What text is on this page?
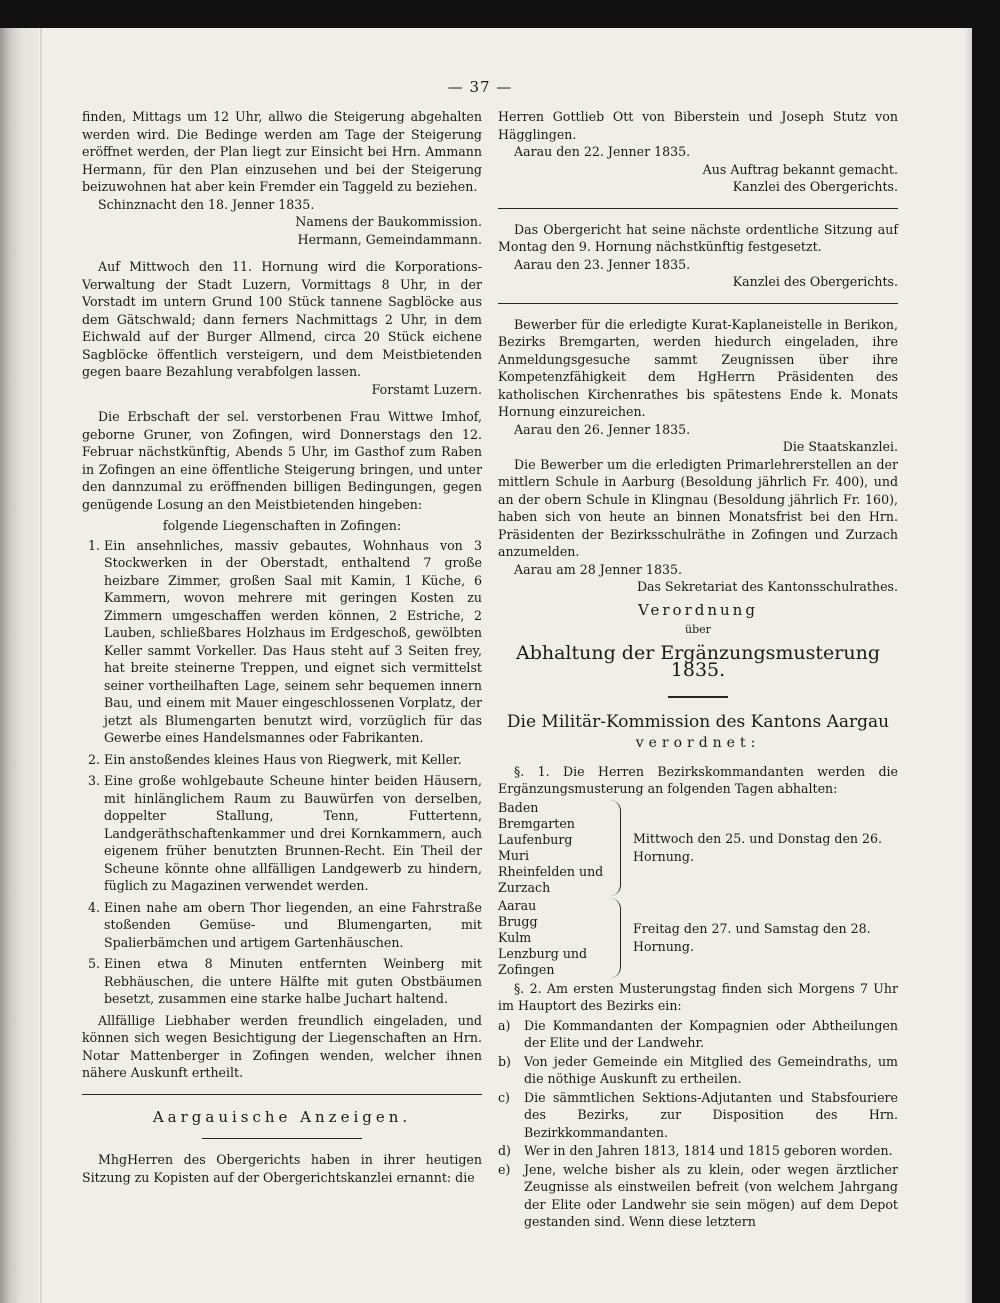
— 37 —

finden, Mittags um 12 Uhr, allwo die Steigerung abgehalten werden wird. Die Bedinge werden am Tage der Steigerung eröffnet werden, der Plan liegt zur Einsicht bei Hrn. Ammann Hermann, für den Plan einzusehen und bei der Steigerung beizuwohnen hat aber kein Fremder ein Taggeld zu beziehen.

Schinznacht den 18. Jenner 1835.

Namens der Baukommission.

Hermann, Gemeindammann.

Auf Mittwoch den 11. Hornung wird die Korporations-Verwaltung der Stadt Luzern, Vormittags 8 Uhr, in der Vorstadt im untern Grund 100 Stück tannene Sagblöcke aus dem Gätschwald; dann ferners Nachmittags 2 Uhr, in dem Eichwald auf der Burger Allmend, circa 20 Stück eichene Sagblöcke öffentlich versteigern, und dem Meistbietenden gegen baare Bezahlung verabfolgen lassen.

Forstamt Luzern.

Die Erbschaft der sel. verstorbenen Frau Wittwe Imhof, geborne Gruner, von Zofingen, wird Donnerstags den 12. Februar nächstkünftig, Abends 5 Uhr, im Gasthof zum Raben in Zofingen an eine öffentliche Steigerung bringen, und unter den dannzumal zu eröffnenden billigen Bedingungen, gegen genügende Losung an den Meistbietenden hingeben:

folgende Liegenschaften in Zofingen:

1. Ein ansehnliches, massiv gebautes, Wohnhaus von 3 Stockwerken in der Oberstadt, enthaltend 7 große heizbare Zimmer, großen Saal mit Kamin, 1 Küche, 6 Kammern, wovon mehrere mit geringen Kosten zu Zimmern umgeschaffen werden können, 2 Estriche, 2 Lauben, schließbares Holzhaus im Erdgeschoß, gewölbten Keller sammt Vorkeller. Das Haus steht auf 3 Seiten frey, hat breite steinerne Treppen, und eignet sich vermittelst seiner vortheilhaften Lage, seinem sehr bequemen innern Bau, und einem mit Mauer eingeschlossenen Vorplatz, der jetzt als Blumengarten benutzt wird, vorzüglich für das Gewerbe eines Handelsmannes oder Fabrikanten.
2. Ein anstoßendes kleines Haus von Riegwerk, mit Keller.
3. Eine große wohlgebaute Scheune hinter beiden Häusern, mit hinlänglichem Raum zu Bauwürfen von derselben, doppelter Stallung, Tenn, Futtertenn, Landgeräthschaftenkammer und drei Kornkammern, auch eigenem früher benutzten Brunnen-Recht. Ein Theil der Scheune könnte ohne allfälligen Landgewerb zu hindern, füglich zu Magazinen verwendet werden.
4. Einen nahe am obern Thor liegenden, an eine Fahrstraße stoßenden Gemüse- und Blumengarten, mit Spalierbämchen und artigem Gartenhäuschen.
5. Einen etwa 8 Minuten entfernten Weinberg mit Rebhäuschen, die untere Hälfte mit guten Obstbäumen besetzt, zusammen eine starke halbe Juchart haltend.

Allfällige Liebhaber werden freundlich eingeladen, und können sich wegen Besichtigung der Liegenschaften an Hrn. Notar Mattenberger in Zofingen wenden, welcher ihnen nähere Auskunft ertheilt.

Aargauische Anzeigen.

MhgHerren des Obergerichts haben in ihrer heutigen Sitzung zu Kopisten auf der Obergerichtskanzlei ernannt: die

Herren Gottlieb Ott von Biberstein und Joseph Stutz von Hägglingen.

Aarau den 22. Jenner 1835.

Aus Auftrag bekannt gemacht.

Kanzlei des Obergerichts.

Das Obergericht hat seine nächste ordentliche Sitzung auf Montag den 9. Hornung nächstkünftig festgesetzt.

Aarau den 23. Jenner 1835.

Kanzlei des Obergerichts.

Bewerber für die erledigte Kurat-Kaplaneistelle in Berikon, Bezirks Bremgarten, werden hiedurch eingeladen, ihre Anmeldungsgesuche sammt Zeugnissen über ihre Kompetenzfähigkeit dem HgHerrn Präsidenten des katholischen Kirchenrathes bis spätestens Ende k. Monats Hornung einzureichen.

Aarau den 26. Jenner 1835.

Die Staatskanzlei.

Die Bewerber um die erledigten Primarlehrerstellen an der mittlern Schule in Aarburg (Besoldung jährlich Fr. 400), und an der obern Schule in Klingnau (Besoldung jährlich Fr. 160), haben sich von heute an binnen Monatsfrist bei den Hrn. Präsidenten der Bezirksschulräthe in Zofingen und Zurzach anzumelden.

Aarau am 28 Jenner 1835.

Das Sekretariat des Kantonsschulrathes.

Verordnung
über
Abhaltung der Ergänzungsmusterung 1835.
Die Militär-Kommission des Kantons Aargau
verordnet:

§. 1. Die Herren Bezirkskommandanten werden die Ergänzungsmusterung an folgenden Tagen abhalten:

Baden
Bremgarten
Laufenburg
Muri
Rheinfelden und
Zurzach
Mittwoch den 25. und Donstag den 26. Hornung.
Aarau
Brugg
Kulm
Lenzburg und
Zofingen
Freitag den 27. und Samstag den 28. Hornung.

§. 2. Am ersten Musterungstag finden sich Morgens 7 Uhr im Hauptort des Bezirks ein:

a) Die Kommandanten der Kompagnien oder Abtheilungen der Elite und der Landwehr.
b) Von jeder Gemeinde ein Mitglied des Gemeindraths, um die nöthige Auskunft zu ertheilen.
c) Die sämmtlichen Sektions-Adjutanten und Stabsfouriere des Bezirks, zur Disposition des Hrn. Bezirkkommandanten.
d) Wer in den Jahren 1813, 1814 und 1815 geboren worden.
e) Jene, welche bisher als zu klein, oder wegen ärztlicher Zeugnisse als einstweilen befreit (von welchem Jahrgang der Elite oder Landwehr sie sein mögen) auf dem Depot gestanden sind. Wenn diese letztern
